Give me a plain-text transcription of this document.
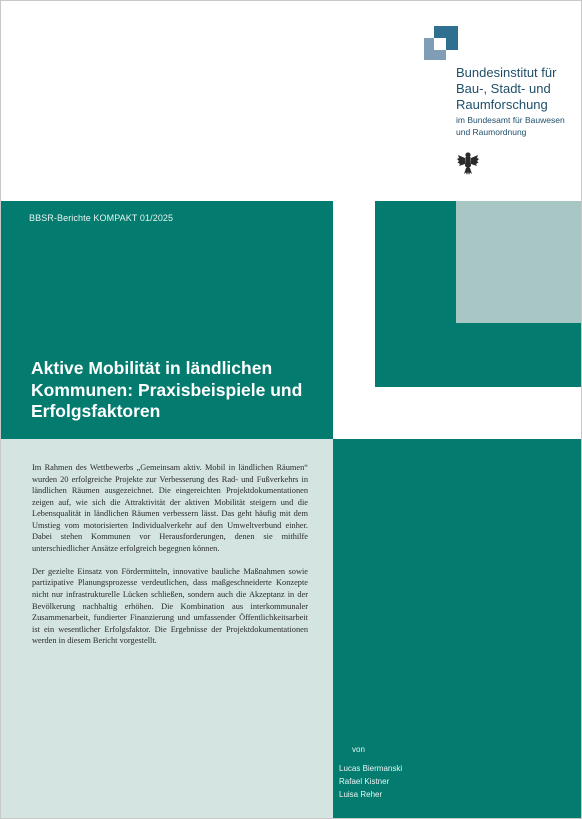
Bundesinstitut für Bau-, Stadt- und Raumforschung
im Bundesamt für Bauwesen und Raumordnung
BBSR-Berichte KOMPAKT 01/2025
Aktive Mobilität in ländlichen Kommunen: Praxisbeispiele und Erfolgsfaktoren

Im Rahmen des Wettbewerbs „Gemeinsam aktiv. Mobil in ländlichen Räumen“ wurden 20 erfolgreiche Projekte zur Verbesserung des Rad- und Fußverkehrs in ländlichen Räumen ausgezeichnet. Die eingereichten Projektdokumentationen zeigen auf, wie sich die Attraktivität der aktiven Mobilität steigern und die Lebensqualität in ländlichen Räumen verbessern lässt. Das geht häufig mit dem Umstieg vom motorisierten Individualverkehr auf den Umweltverbund einher. Dabei stehen Kommunen vor Herausforderungen, denen sie mithilfe unterschiedlicher Ansätze erfolgreich begegnen können.

Der gezielte Einsatz von Fördermitteln, innovative bauliche Maßnahmen sowie partizipative Planungsprozesse verdeutlichen, dass maßgeschneiderte Konzepte nicht nur infrastrukturelle Lücken schließen, sondern auch die Akzeptanz in der Bevölkerung nachhaltig erhöhen. Die Kombination aus interkommunaler Zusammenarbeit, fundierter Finanzierung und umfassender Öffentlichkeitsarbeit ist ein wesentlicher Erfolgsfaktor. Die Ergebnisse der Projektdokumentationen werden in diesem Bericht vorgestellt.

von
Lucas Biermanski
Rafael Kistner
Luisa Reher
